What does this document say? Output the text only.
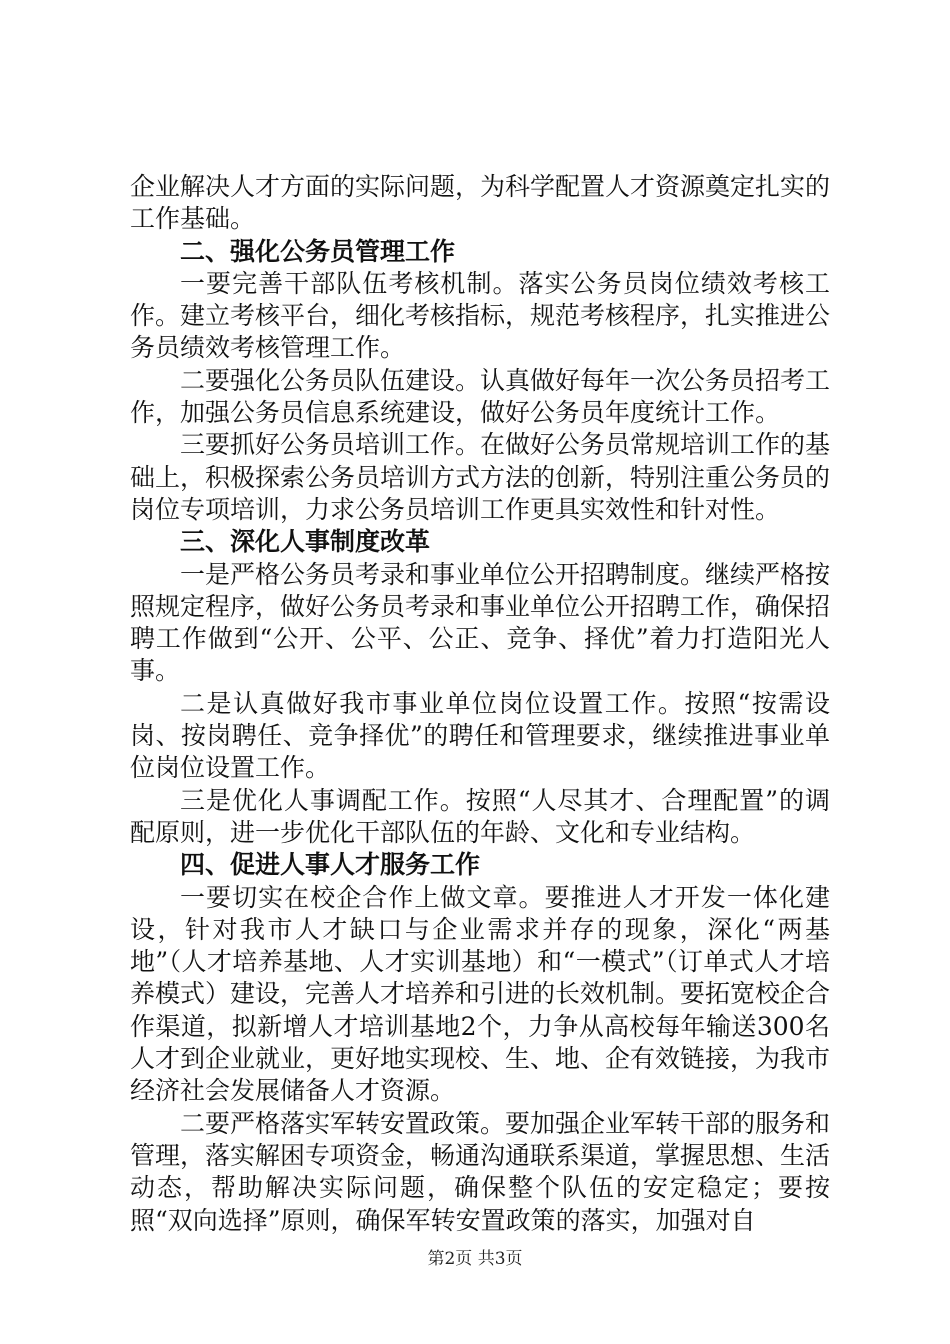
企业解决人才方面的实际问题，为科学配置人才资源奠定扎实的工作基础。

二、强化公务员管理工作

一要完善干部队伍考核机制。落实公务员岗位绩效考核工作。建立考核平台，细化考核指标，规范考核程序，扎实推进公务员绩效考核管理工作。

二要强化公务员队伍建设。认真做好每年一次公务员招考工作，加强公务员信息系统建设，做好公务员年度统计工作。

三要抓好公务员培训工作。在做好公务员常规培训工作的基础上，积极探索公务员培训方式方法的创新，特别注重公务员的岗位专项培训，力求公务员培训工作更具实效性和针对性。

三、深化人事制度改革

一是严格公务员考录和事业单位公开招聘制度。继续严格按照规定程序，做好公务员考录和事业单位公开招聘工作，确保招聘工作做到“公开、公平、公正、竞争、择优”着力打造阳光人事。

二是认真做好我市事业单位岗位设置工作。按照“按需设岗、按岗聘任、竞争择优”的聘任和管理要求，继续推进事业单位岗位设置工作。

三是优化人事调配工作。按照“人尽其才、合理配置”的调配原则，进一步优化干部队伍的年龄、文化和专业结构。

四、促进人事人才服务工作

一要切实在校企合作上做文章。要推进人才开发一体化建设，针对我市人才缺口与企业需求并存的现象，深化“两基地”（人才培养基地、人才实训基地）和“一模式”（订单式人才培养模式）建设，完善人才培养和引进的长效机制。要拓宽校企合作渠道，拟新增人才培训基地2个，力争从高校每年输送300名人才到企业就业，更好地实现校、生、地、企有效链接，为我市经济社会发展储备人才资源。

二要严格落实军转安置政策。要加强企业军转干部的服务和管理，落实解困专项资金，畅通沟通联系渠道，掌握思想、生活动态，帮助解决实际问题，确保整个队伍的安定稳定；要按照“双向选择”原则，确保军转安置政策的落实，加强对自

第2页 共3页
